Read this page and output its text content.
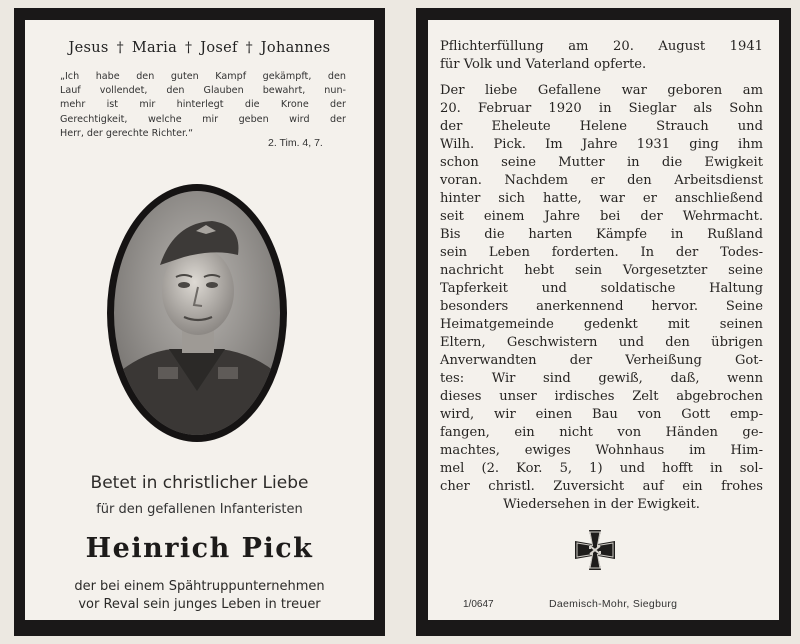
Jesus † Maria † Josef † Johannes
„Ich habe den guten Kampf gekämpft, den
Lauf vollendet, den Glauben bewahrt, nun-
mehr ist mir hinterlegt die Krone der
Gerechtigkeit, welche mir geben wird der
Herr, der gerechte Richter.“
2. Tim. 4, 7.
Betet in christlicher Liebe
für den gefallenen Infanteristen
Heinrich Pick
der bei einem Spähtruppunternehmen
vor Reval sein junges Leben in treuer
Pflichterfüllung am 20. August 1941
für Volk und Vaterland opferte.
Der liebe Gefallene war geboren am
20. Februar 1920 in Sieglar als Sohn
der Eheleute Helene Strauch und
Wilh. Pick. Im Jahre 1931 ging ihm
schon seine Mutter in die Ewigkeit
voran. Nachdem er den Arbeitsdienst
hinter sich hatte, war er anschließend
seit einem Jahre bei der Wehrmacht.
Bis die harten Kämpfe in Rußland
sein Leben forderten. In der Todes-
nachricht hebt sein Vorgesetzter seine
Tapferkeit und soldatische Haltung
besonders anerkennend hervor. Seine
Heimatgemeinde gedenkt mit seinen
Eltern, Geschwistern und den übrigen
Anverwandten der Verheißung Got-
tes: Wir sind gewiß, daß, wenn
dieses unser irdisches Zelt abgebrochen
wird, wir einen Bau von Gott emp-
fangen, ein nicht von Händen ge-
machtes, ewiges Wohnhaus im Him-
mel (2. Kor. 5, 1) und hofft in sol-
cher christl. Zuversicht auf ein frohes
Wiedersehen in der Ewigkeit.
1/0647	Daemisch-Mohr, Siegburg
